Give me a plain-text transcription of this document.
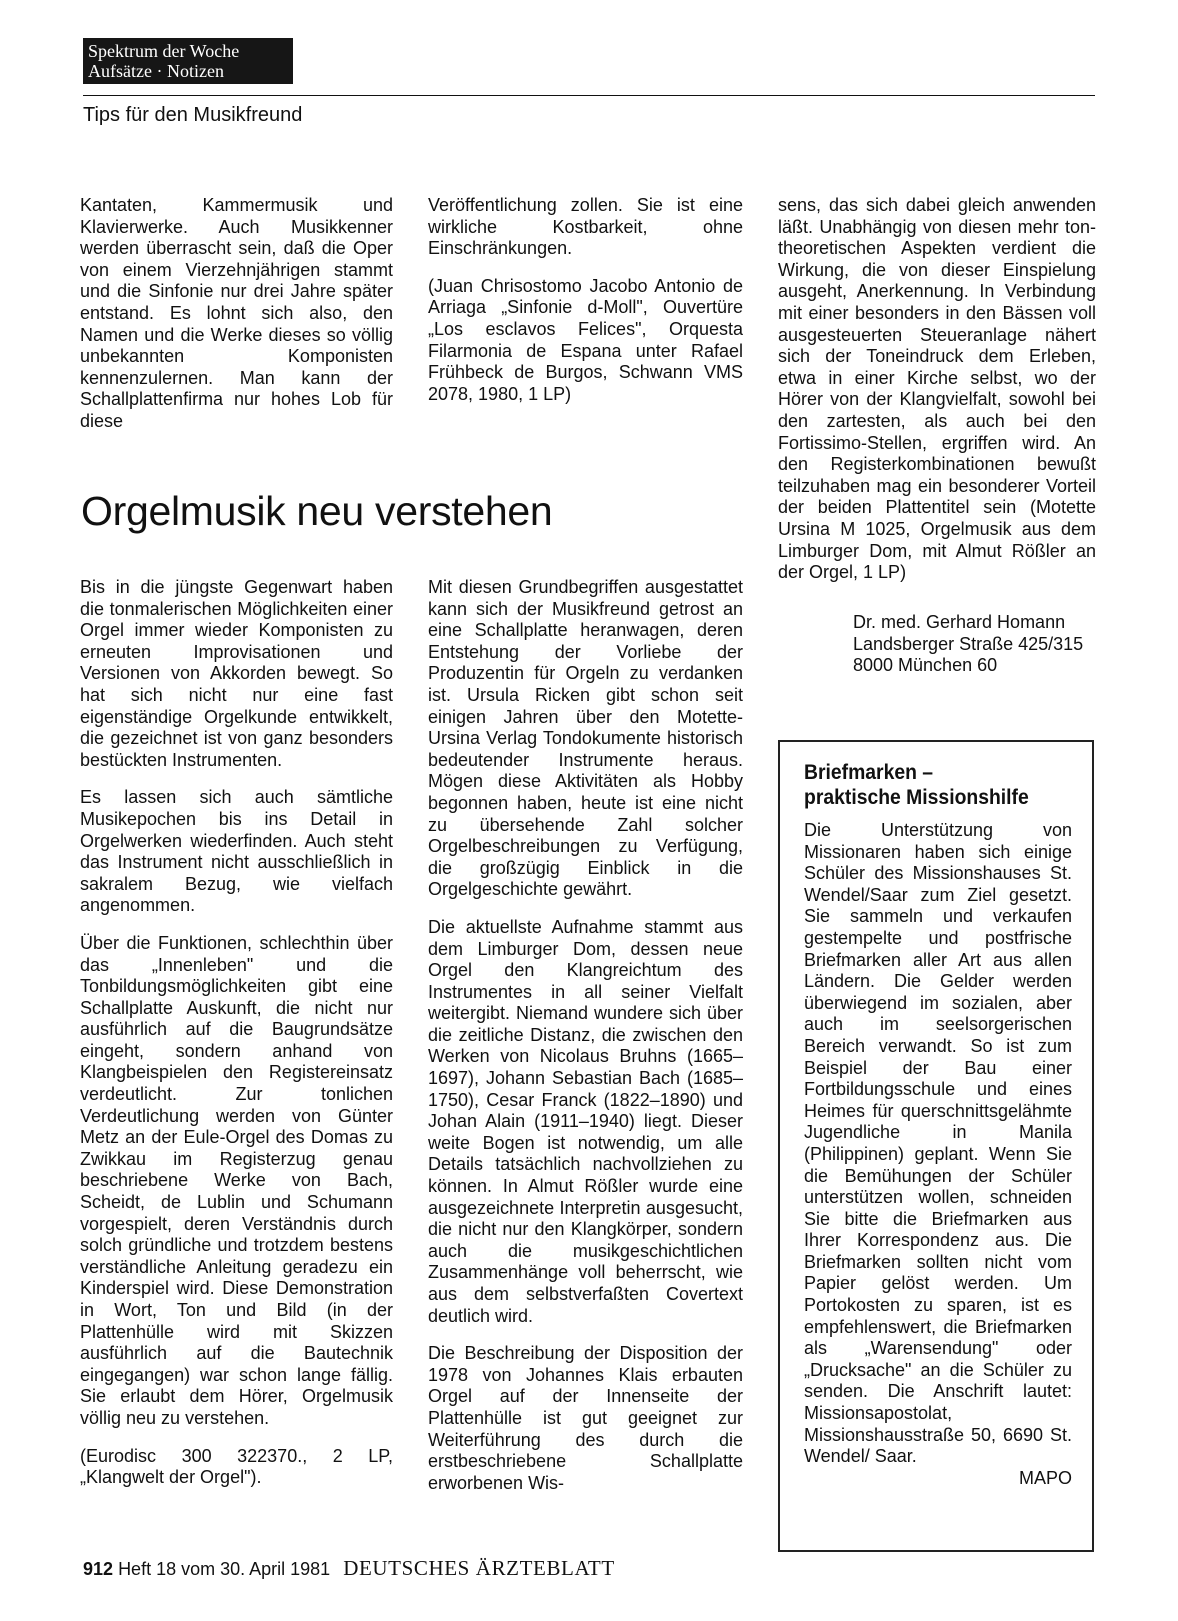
Spektrum der Woche
Aufsätze · Notizen
Tips für den Musikfreund

Kantaten, Kammermusik und Klavierwerke. Auch Musikkenner werden überrascht sein, daß die Oper von einem Vierzehnjährigen stammt und die Sinfonie nur drei Jahre später entstand. Es lohnt sich also, den Namen und die Werke dieses so völlig unbekannten Komponisten kennenzulernen. Man kann der Schallplattenfirma nur hohes Lob für diese

Veröffentlichung zollen. Sie ist eine wirkliche Kostbarkeit, ohne Einschränkungen.

(Juan Chrisostomo Jacobo Antonio de Arriaga „Sinfonie d-Moll", Ouvertüre „Los esclavos Felices", Orquesta Filarmonia de Espana unter Rafael Frühbeck de Burgos, Schwann VMS 2078, 1980, 1 LP)

Orgelmusik neu verstehen

Bis in die jüngste Gegenwart haben die tonmalerischen Möglichkeiten einer Orgel immer wieder Komponisten zu erneuten Improvisationen und Versionen von Akkorden bewegt. So hat sich nicht nur eine fast eigenständige Orgelkunde entwikkelt, die gezeichnet ist von ganz besonders bestückten Instrumenten.

Es lassen sich auch sämtliche Musikepochen bis ins Detail in Orgelwerken wiederfinden. Auch steht das Instrument nicht ausschließlich in sakralem Bezug, wie vielfach angenommen.

Über die Funktionen, schlechthin über das „Innenleben" und die Tonbildungsmöglichkeiten gibt eine Schallplatte Auskunft, die nicht nur ausführlich auf die Baugrundsätze eingeht, sondern anhand von Klangbeispielen den Registereinsatz verdeutlicht. Zur tonlichen Verdeutlichung werden von Günter Metz an der Eule-Orgel des Domas zu Zwikkau im Registerzug genau beschriebene Werke von Bach, Scheidt, de Lublin und Schumann vorgespielt, deren Verständnis durch solch gründliche und trotzdem bestens verständliche Anleitung geradezu ein Kinderspiel wird. Diese Demonstration in Wort, Ton und Bild (in der Plattenhülle wird mit Skizzen ausführlich auf die Bautechnik eingegangen) war schon lange fällig. Sie erlaubt dem Hörer, Orgelmusik völlig neu zu verstehen.

(Eurodisc 300 322370., 2 LP, „Klangwelt der Orgel").

Mit diesen Grundbegriffen ausgestattet kann sich der Musikfreund getrost an eine Schallplatte heranwagen, deren Entstehung der Vorliebe der Produzentin für Orgeln zu verdanken ist. Ursula Ricken gibt schon seit einigen Jahren über den Motette-Ursina Verlag Tondokumente historisch bedeutender Instrumente heraus. Mögen diese Aktivitäten als Hobby begonnen haben, heute ist eine nicht zu übersehende Zahl solcher Orgelbeschreibungen zu Verfügung, die großzügig Einblick in die Orgelgeschichte gewährt.

Die aktuellste Aufnahme stammt aus dem Limburger Dom, dessen neue Orgel den Klangreichtum des Instrumentes in all seiner Vielfalt weitergibt. Niemand wundere sich über die zeitliche Distanz, die zwischen den Werken von Nicolaus Bruhns (1665–1697), Johann Sebastian Bach (1685–1750), Cesar Franck (1822–1890) und Johan Alain (1911–1940) liegt. Dieser weite Bogen ist notwendig, um alle Details tatsächlich nachvollziehen zu können. In Almut Rößler wurde eine ausgezeichnete Interpretin ausgesucht, die nicht nur den Klangkörper, sondern auch die musikgeschichtlichen Zusammenhänge voll beherrscht, wie aus dem selbstverfaßten Covertext deutlich wird.

Die Beschreibung der Disposition der 1978 von Johannes Klais erbauten Orgel auf der Innenseite der Plattenhülle ist gut geeignet zur Weiterführung des durch die erstbeschriebene Schallplatte erworbenen Wis-

sens, das sich dabei gleich anwenden läßt. Unabhängig von diesen mehr ton-theoretischen Aspekten verdient die Wirkung, die von dieser Einspielung ausgeht, Anerkennung. In Verbindung mit einer besonders in den Bässen voll ausgesteuerten Steueranlage nähert sich der Toneindruck dem Erleben, etwa in einer Kirche selbst, wo der Hörer von der Klangvielfalt, sowohl bei den zartesten, als auch bei den Fortissimo-Stellen, ergriffen wird. An den Registerkombinationen bewußt teilzuhaben mag ein besonderer Vorteil der beiden Plattentitel sein (Motette Ursina M 1025, Orgelmusik aus dem Limburger Dom, mit Almut Rößler an der Orgel, 1 LP)

Dr. med. Gerhard Homann
Landsberger Straße 425/315
8000 München 60
Briefmarken –
praktische Missionshilfe
Die Unterstützung von Missionaren haben sich einige Schüler des Missionshauses St. Wendel/Saar zum Ziel gesetzt. Sie sammeln und verkaufen gestempelte und postfrische Briefmarken aller Art aus allen Ländern. Die Gelder werden überwiegend im sozialen, aber auch im seelsorgerischen Bereich verwandt. So ist zum Beispiel der Bau einer Fortbildungsschule und eines Heimes für querschnittsgelähmte Jugendliche in Manila (Philippinen) geplant. Wenn Sie die Bemühungen der Schüler unterstützen wollen, schneiden Sie bitte die Briefmarken aus Ihrer Korrespondenz aus. Die Briefmarken sollten nicht vom Papier gelöst werden. Um Portokosten zu sparen, ist es empfehlenswert, die Briefmarken als „Warensendung" oder „Drucksache" an die Schüler zu senden. Die Anschrift lautet: Missionsapostolat, Missionshausstraße 50, 6690 St. Wendel/ Saar.
MAPO
912 Heft 18 vom 30. April 1981 DEUTSCHES ÄRZTEBLATT
